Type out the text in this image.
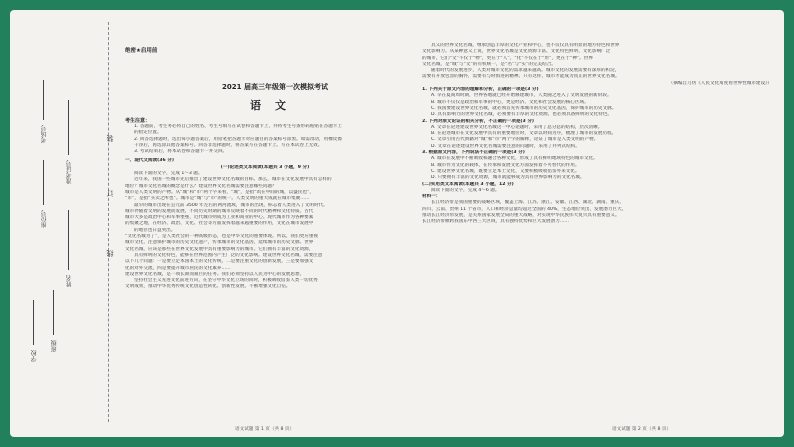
考场号
座位号
准考证号
姓名
班级
学校
装
订
线
绝密★启用前
2021 届高三年级第一次模拟考试
语文
考生注意：
1. 答题前，考生务必将自己的姓名、考生号填写在试卷和答题卡上，并将考生号条形码粘贴在答题卡上
的指定位置。
2. 回答选择题时，选出每小题答案后，用铅笔把答题卡对应题目的答案标号涂黑。如需改动，用橡皮擦
干净后，再选涂其他答案标号。回答非选择题时，将答案写在答题卡上。写在本试卷上无效。
3. 考试结束后，将本试卷和答题卡一并交回。
一、现代文阅读(36 分)
(一)论述类文本阅读(本题共 3 小题，9 分)
阅读下面的文字，完成 1～3 题。
近年来，我国一些城市先后推出了建设世界文化名城的目标。那么，城市在文化发展中具有怎样的
地位？城市文化名城的概念是什么？建设世界文化名城需要注意哪些问题？
城市是人类文明的产物。从“城”和“市”两个字来看，“城”，是指“筑在中间的城，以盛民也”，
“市”，是指“买卖之所也”。城市是“城”与“市”的统一。人类文明的重大成就在城市集聚……
最早的城市出现在公元前 3500 年左右的两河流域，城市的出现，标志着人类进入了文明时代。
城市伴随着文明的发展而发展，不同历史时期的城市反映着不同的时代精神和文化特质。古代
城市大多是政治中心和军事堡垒，近代城市则成为工业和商业的中心。现代城市作为各种要素
的集聚之地，在经济、政治、文化、社会等方面发挥着越来越重要的作用，文化在城市发展中
的地位也日益突出。
“文化名城为了”，是人类社会的一种高级形态，也是中华文化的重要体现。所以，我们更应重视
城市文化，注意保护城市的历史文化遗产，传承城市的文化基因，延续城市的历史文脉。世界
文化名城，应该是那些在世界文化发展中具有重要影响力的城市。它们拥有丰富的文化资源，
具有鲜明的文化特色，能够在世界范围内产生广泛的文化影响。建设世界文化名城，需要注意
以下几个问题：一是要立足本国本土的文化传统，二是要注重文化的创新发展，三是要加强文
化的对外交流，四是要提升城市居民的文化素养……
建设世界文化名城，是一项长期而艰巨的任务。我们必须坚持以人民为中心的发展思想，
坚持社会主义先进文化前进方向，在坚守中华文化立场的同时，积极吸收借鉴人类一切优秀
文明成果，推动中华优秀传统文化创造性转化、创新性发展，不断增强文化自信。
语文试题 第 1 页（共 8 页）
具义的世界文化名城，继承创造丰厚的文化产业和中心，也不仅仅具有明显的地方特色和世界
文化影响力。从某种意义上说，世界文化名城是文化资源丰富、文化特色鲜明、文化影响广泛
的城市，它们“文”不仅于“物”，更在于“人”，“化”不仅在于“形”，更在于“神”。世界
文化名城，是“城”与“文”的有机统一，是“名”与“实”的完美结合。
随着时代的发展进步，人类对城市文化的需求越来越高。城市文化的发展需要有深厚的积淀，
需要有开放包容的胸怀，需要有与时俱进的精神。只有这样，城市才能成为真正的世界文化名城。
（摘编自刀伪《人民文化角度看世界性城市建设》）
1. 下列关于原文内容的理解和分析，正确的一项是(3 分)
A. 早在夏商周时期，世界各地就已经开始修建城市，人类随之进入了文明发展的新阶段。
B. 城市不仅仅是政治和军事的中心，更是经济、文化和社会发展的核心区域。
C. 我国要建设世界文化名城，就必须首先传承城市的历史文化基因，保护城市的历史文脉。
D. 具有影响力的世界文化名城，必须要有丰厚的文化资源，也必须具备鲜明的文化特色。
2. 下列对原文论证的相关分析，不正确的一项是(3 分)
A. 文章在论述建设世界文化名城这一中心论题时，采用了总分总的结构，层次清晰。
B. 在论述城市在文化发展中具有的重要地位时，文章以时间为序，梳理了城市的发展历程。
C. 文章引用古代典籍对“城”和“市”两个字的解释，论证了城市是人类文明的产物。
D. 文章在论述建设世界文化名城需要注意的问题时，采用了并列式结构。
3. 根据原文内容，下列说法不正确的一项是(3 分)
A. 城市在发展中不断吸收和融合各种文化，形成了具有鲜明地域特色的城市文化。
B. 城市作为文化的载体，在传承和发展文化方面发挥着不可替代的作用。
C. 建设世界文化名城，既要立足本土文化，又要积极吸收借鉴外来文化。
D. 只要拥有丰富的文化资源，城市就能够成为具有世界影响力的文化名城。
(二)实用类文本阅读(本题共 3 小题，12 分)
阅读下面的文字，完成 4～6 题。
材料一：
长江经济带是我国重要的战略区域，覆盖上海、江苏、浙江、安徽、江西、湖北、湖南、重庆、
四川、云南、贵州 11 个省市，人口和经济总量均超过全国的 40%，生态地位突出，发展潜力巨大。
推动长江经济带发展，是关系国家发展全局的重大战略，对实现中华民族伟大复兴具有重要意义。
长江经济带横跨我国东中西三大区域，具有独特优势和巨大发展潜力……
语文试题 第 2 页（共 8 页）
